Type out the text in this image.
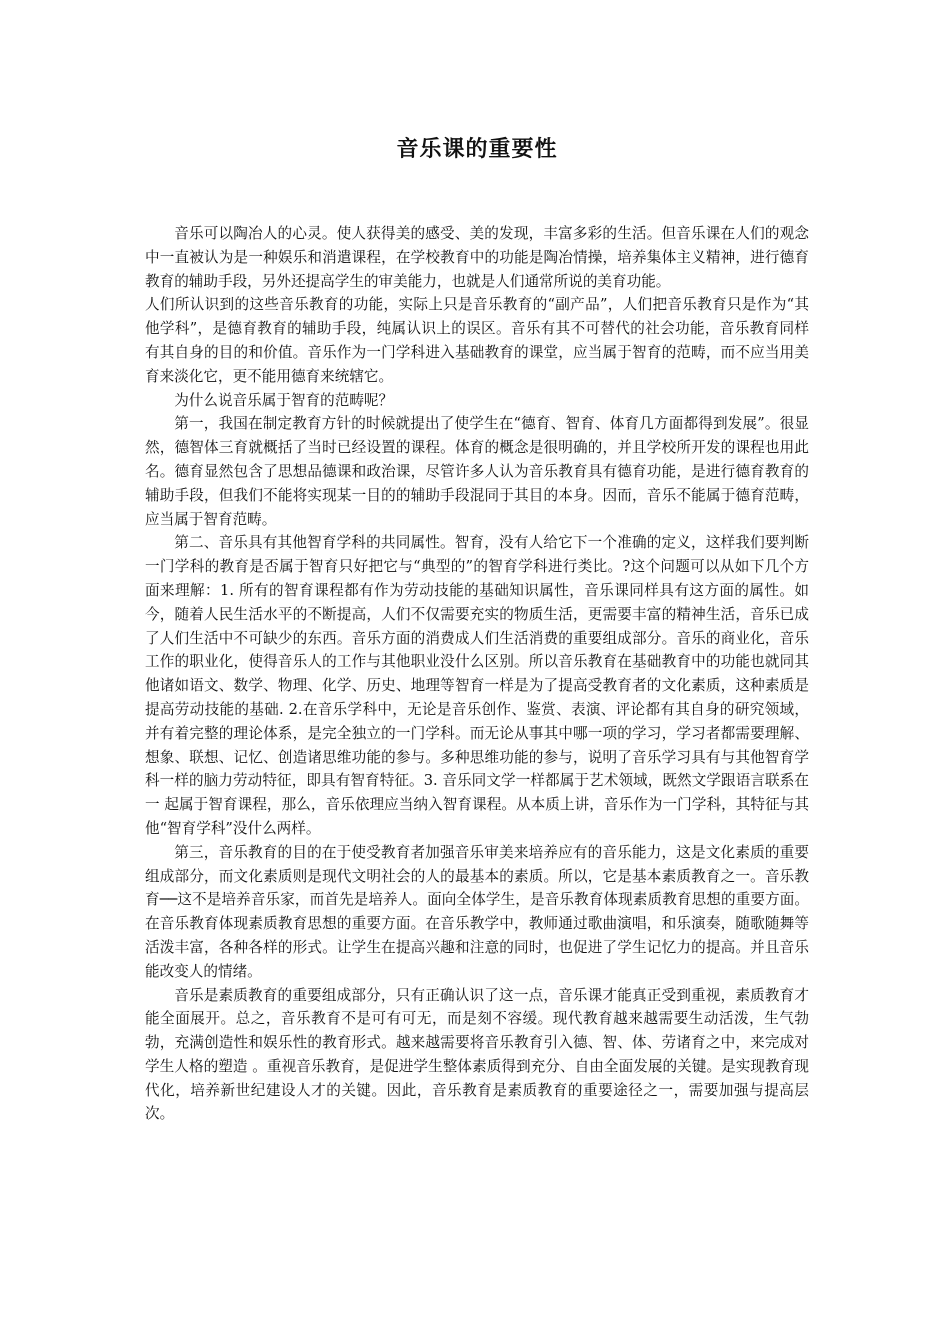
音乐课的重要性

音乐可以陶冶人的心灵。使人获得美的感受、美的发现，丰富多彩的生活。但音乐课在人们的观念中一直被认为是一种娱乐和消遣课程，在学校教育中的功能是陶冶情操，培养集体主义精神，进行德育教育的辅助手段，另外还提高学生的审美能力，也就是人们通常所说的美育功能。

人们所认识到的这些音乐教育的功能，实际上只是音乐教育的“副产品”，人们把音乐教育只是作为“其他学科”，是德育教育的辅助手段，纯属认识上的误区。音乐有其不可替代的社会功能，音乐教育同样有其自身的目的和价值。音乐作为一门学科进入基础教育的课堂，应当属于智育的范畴，而不应当用美育来淡化它，更不能用德育来统辖它。

为什么说音乐属于智育的范畴呢？

第一，我国在制定教育方针的时候就提出了使学生在“德育、智育、体育几方面都得到发展”。很显然，德智体三育就概括了当时已经设置的课程。体育的概念是很明确的，并且学校所开发的课程也用此名。德育显然包含了思想品德课和政治课，尽管许多人认为音乐教育具有德育功能，是进行德育教育的辅助手段，但我们不能将实现某一目的的辅助手段混同于其目的本身。因而，音乐不能属于德育范畴，应当属于智育范畴。

第二、音乐具有其他智育学科的共同属性。智育，没有人给它下一个准确的定义，这样我们要判断一门学科的教育是否属于智育只好把它与“典型的”的智育学科进行类比。?这个问题可以从如下几个方面来理解：1. 所有的智育课程都有作为劳动技能的基础知识属性，音乐课同样具有这方面的属性。如今，随着人民生活水平的不断提高，人们不仅需要充实的物质生活，更需要丰富的精神生活，音乐已成了人们生活中不可缺少的东西。音乐方面的消费成人们生活消费的重要组成部分。音乐的商业化，音乐工作的职业化，使得音乐人的工作与其他职业没什么区别。所以音乐教育在基础教育中的功能也就同其他诸如语文、数学、物理、化学、历史、地理等智育一样是为了提高受教育者的文化素质，这种素质是提高劳动技能的基础. 2.在音乐学科中，无论是音乐创作、鉴赏、表演、评论都有其自身的研究领域，并有着完整的理论体系，是完全独立的一门学科。而无论从事其中哪一项的学习，学习者都需要理解、想象、联想、记忆、创造诸思维功能的参与。多种思维功能的参与，说明了音乐学习具有与其他智育学科一样的脑力劳动特征，即具有智育特征。3. 音乐同文学一样都属于艺术领域，既然文学跟语言联系在一 起属于智育课程，那么，音乐依理应当纳入智育课程。从本质上讲，音乐作为一门学科，其特征与其他“智育学科”没什么两样。

第三，音乐教育的目的在于使受教育者加强音乐审美来培养应有的音乐能力，这是文化素质的重要组成部分，而文化素质则是现代文明社会的人的最基本的素质。所以，它是基本素质教育之一。音乐教育──这不是培养音乐家，而首先是培养人。面向全体学生，是音乐教育体现素质教育思想的重要方面。在音乐教育体现素质教育思想的重要方面。在音乐教学中，教师通过歌曲演唱，和乐演奏，随歌随舞等活泼丰富，各种各样的形式。让学生在提高兴趣和注意的同时，也促进了学生记忆力的提高。并且音乐能改变人的情绪。

音乐是素质教育的重要组成部分，只有正确认识了这一点，音乐课才能真正受到重视，素质教育才能全面展开。总之，音乐教育不是可有可无，而是刻不容缓。现代教育越来越需要生动活泼，生气勃勃，充满创造性和娱乐性的教育形式。越来越需要将音乐教育引入德、智、体、劳诸育之中，来完成对学生人格的塑造 。重视音乐教育，是促进学生整体素质得到充分、自由全面发展的关键。是实现教育现代化，培养新世纪建设人才的关键。因此，音乐教育是素质教育的重要途径之一，需要加强与提高层次。
